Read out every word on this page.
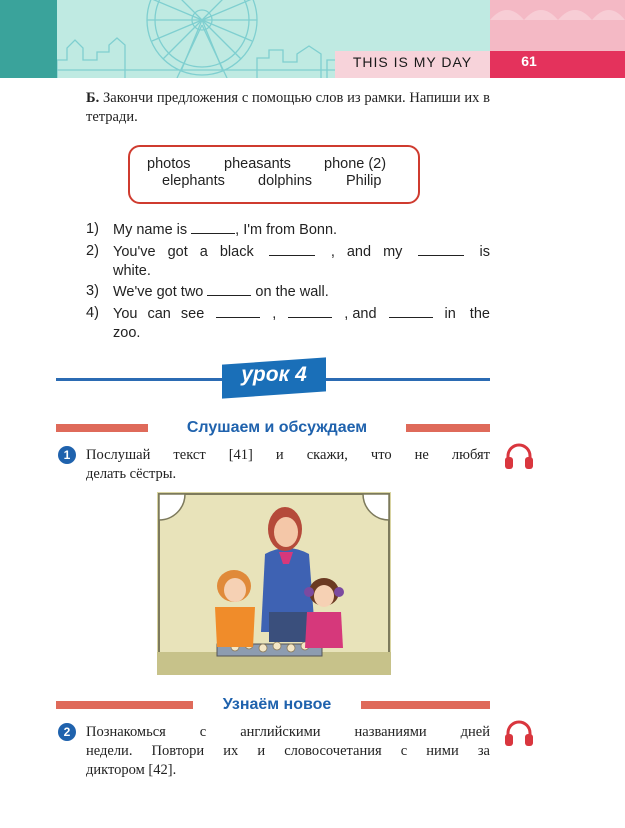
THIS IS MY DAY	61
Б. Закончи предложения с помощью слов из рамки. Напиши их в тетради.
photos pheasants phone (2)
elephants dolphins Philip
1) My name is	, I'm from Bonn.
2) You've got a black	, and my	is
white.
3) We've got two	on the wall.
4) You can see	,	, and	in the
zoo.
урок 4
Слушаем и обсуждаем
1	Послушай текст [41] и скажи, что не любят
делать сёстры.
Узнаём новое
2	Познакомься с английскими названиями дней
недели. Повтори их и словосочетания с ними за
диктором [42].
